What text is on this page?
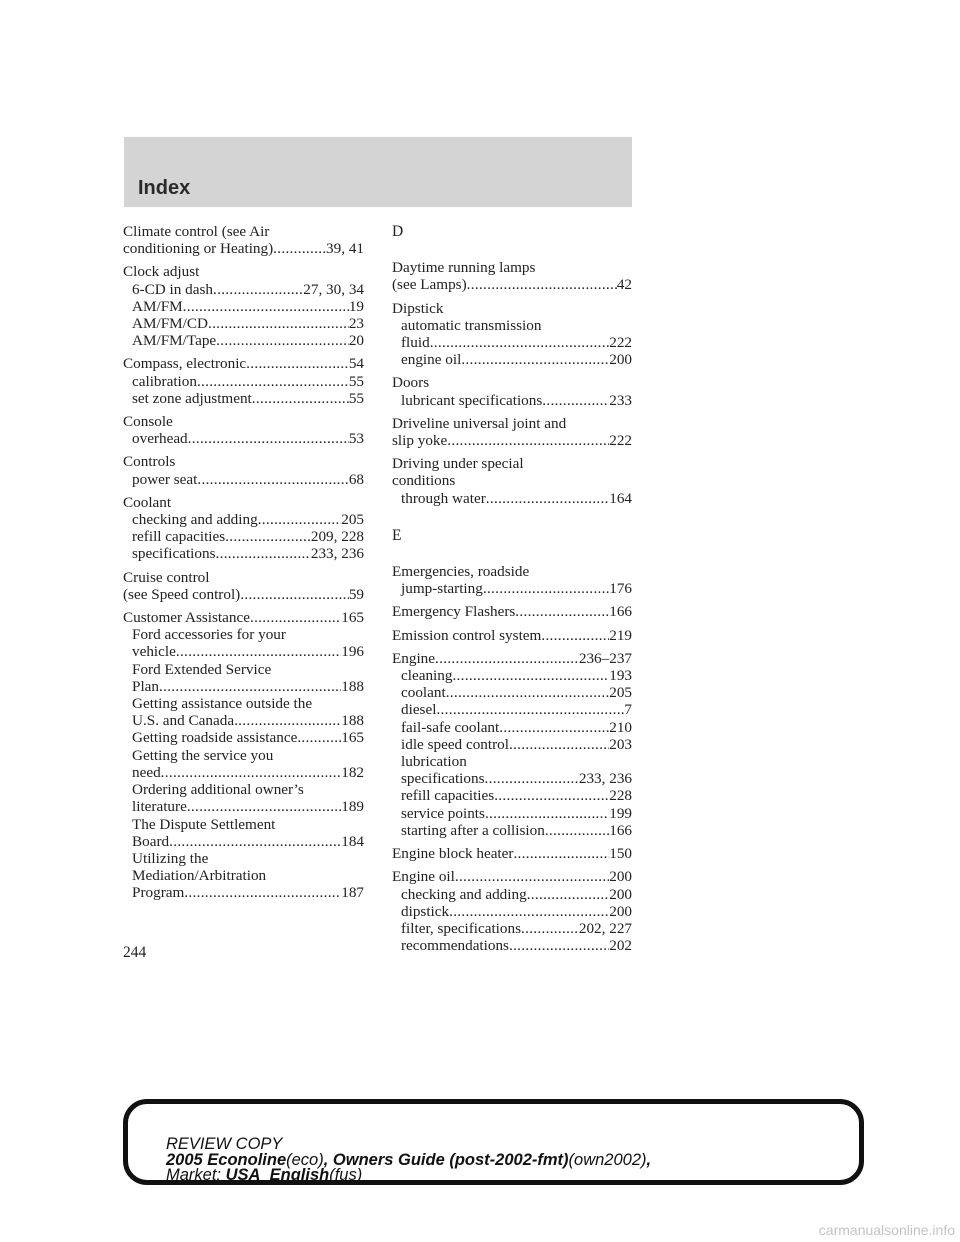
Index
Climate control (see Air
conditioning or Heating) .....	39, 41
Clock adjust
6-CD in dash .....	27, 30, 34
AM/FM .....	19
AM/FM/CD .....	23
AM/FM/Tape .....	20
Compass, electronic .....	54
calibration .....	55
set zone adjustment .....	55
Console
overhead .....	53
Controls
power seat .....	68
Coolant
checking and adding .....	205
refill capacities .....	209, 228
specifications .....	233, 236
Cruise control
(see Speed control) .....	59
Customer Assistance .....	165
Ford accessories for your
vehicle .....	196
Ford Extended Service
Plan .....	188
Getting assistance outside the
U.S. and Canada .....	188
Getting roadside assistance .....	165
Getting the service you
need .....	182
Ordering additional owner’s
literature .....	189
The Dispute Settlement
Board .....	184
Utilizing the
Mediation/Arbitration
Program .....	187
D
Daytime running lamps
(see Lamps) .....	42
Dipstick
automatic transmission
fluid .....	222
engine oil .....	200
Doors
lubricant specifications .....	233
Driveline universal joint and
slip yoke .....	222
Driving under special
conditions
through water .....	164
E
Emergencies, roadside
jump-starting .....	176
Emergency Flashers .....	166
Emission control system .....	219
Engine .....	236–237
cleaning .....	193
coolant .....	205
diesel .....	7
fail-safe coolant .....	210
idle speed control .....	203
lubrication
specifications .....	233, 236
refill capacities .....	228
service points .....	199
starting after a collision .....	166
Engine block heater .....	150
Engine oil .....	200
checking and adding .....	200
dipstick .....	200
filter, specifications .....	202, 227
recommendations .....	202
244
REVIEW COPY
2005 Econoline(eco), Owners Guide (post-2002-fmt)(own2002),
Market: USA_English(fus)
carmanualsonline.info
